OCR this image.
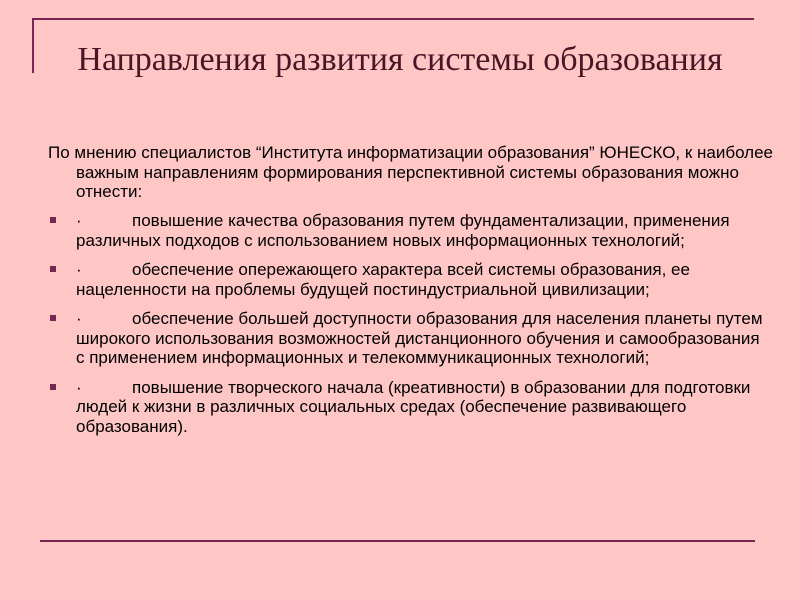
Направления развития системы образования

По мнению специалистов “Института информатизации образования” ЮНЕСКО, к наиболее важным направлениям формирования перспективной системы образования можно отнести:

·	повышение качества образования путем фундаментализации, применения различных подходов с использованием новых информационных технологий;
·	обеспечение опережающего характера всей системы образования, ее нацеленности на проблемы будущей постиндустриальной цивилизации;
·	обеспечение большей доступности образования для населения планеты путем широкого использования возможностей дистанционного обучения и самообразования с применением информационных и телекоммуникационных технологий;
·	повышение творческого начала (креативности) в образовании для подготовки людей к жизни в различных социальных средах (обеспечение развивающего образования).
